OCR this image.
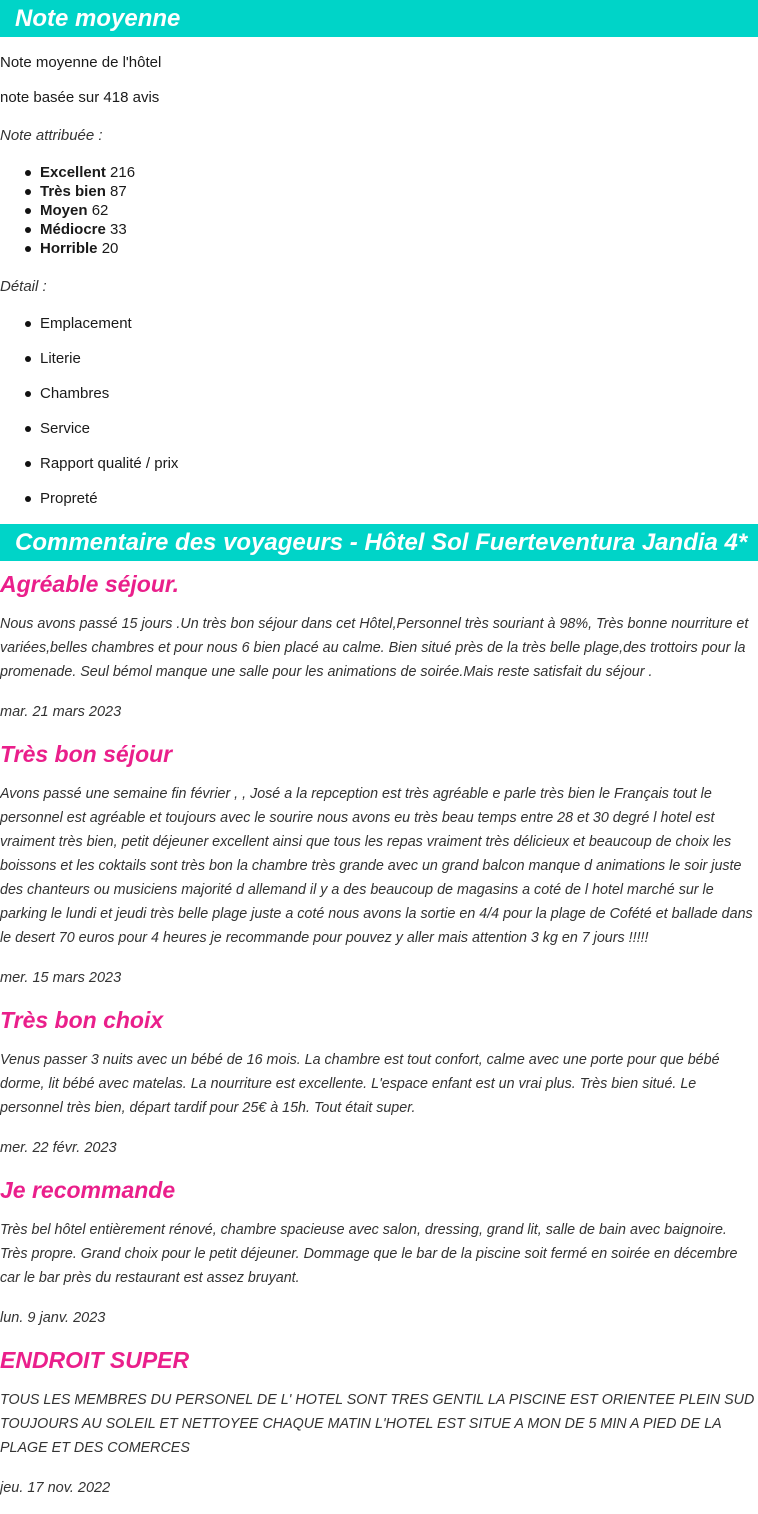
Note moyenne

Note moyenne de l'hôtel

note basée sur 418 avis

Note attribuée :

Excellent 216
Très bien 87
Moyen 62
Médiocre 33
Horrible 20

Détail :

Emplacement
Literie
Chambres
Service
Rapport qualité / prix
Propreté
Commentaire des voyageurs - Hôtel Sol Fuerteventura Jandia 4*
Agréable séjour.

Nous avons passé 15 jours .Un très bon séjour dans cet Hôtel,Personnel très souriant à 98%, Très bonne nourriture et variées,belles chambres et pour nous 6 bien placé au calme. Bien situé près de la très belle plage,des trottoirs pour la promenade. Seul bémol manque une salle pour les animations de soirée.Mais reste satisfait du séjour .

mar. 21 mars 2023

Très bon séjour

Avons passé une semaine fin février , , José a la repception est très agréable e parle très bien le Français tout le personnel est agréable et toujours avec le sourire nous avons eu très beau temps entre 28 et 30 degré l hotel est vraiment très bien, petit déjeuner excellent ainsi que tous les repas vraiment très délicieux et beaucoup de choix les boissons et les coktails sont très bon la chambre très grande avec un grand balcon manque d animations le soir juste des chanteurs ou musiciens majorité d allemand il y a des beaucoup de magasins a coté de l hotel marché sur le parking le lundi et jeudi très belle plage juste a coté nous avons la sortie en 4/4 pour la plage de Cofété et ballade dans le desert 70 euros pour 4 heures je recommande pour pouvez y aller mais attention 3 kg en 7 jours !!!!!

mer. 15 mars 2023

Très bon choix

Venus passer 3 nuits avec un bébé de 16 mois. La chambre est tout confort, calme avec une porte pour que bébé dorme, lit bébé avec matelas. La nourriture est excellente. L'espace enfant est un vrai plus. Très bien situé. Le personnel très bien, départ tardif pour 25€ à 15h. Tout était super.

mer. 22 févr. 2023

Je recommande

Très bel hôtel entièrement rénové, chambre spacieuse avec salon, dressing, grand lit, salle de bain avec baignoire. Très propre. Grand choix pour le petit déjeuner. Dommage que le bar de la piscine soit fermé en soirée en décembre car le bar près du restaurant est assez bruyant.

lun. 9 janv. 2023

ENDROIT SUPER

TOUS LES MEMBRES DU PERSONEL DE L' HOTEL SONT TRES GENTIL LA PISCINE EST ORIENTEE PLEIN SUD TOUJOURS AU SOLEIL ET NETTOYEE CHAQUE MATIN L'HOTEL EST SITUE A MON DE 5 MIN A PIED DE LA PLAGE ET DES COMERCES

jeu. 17 nov. 2022
